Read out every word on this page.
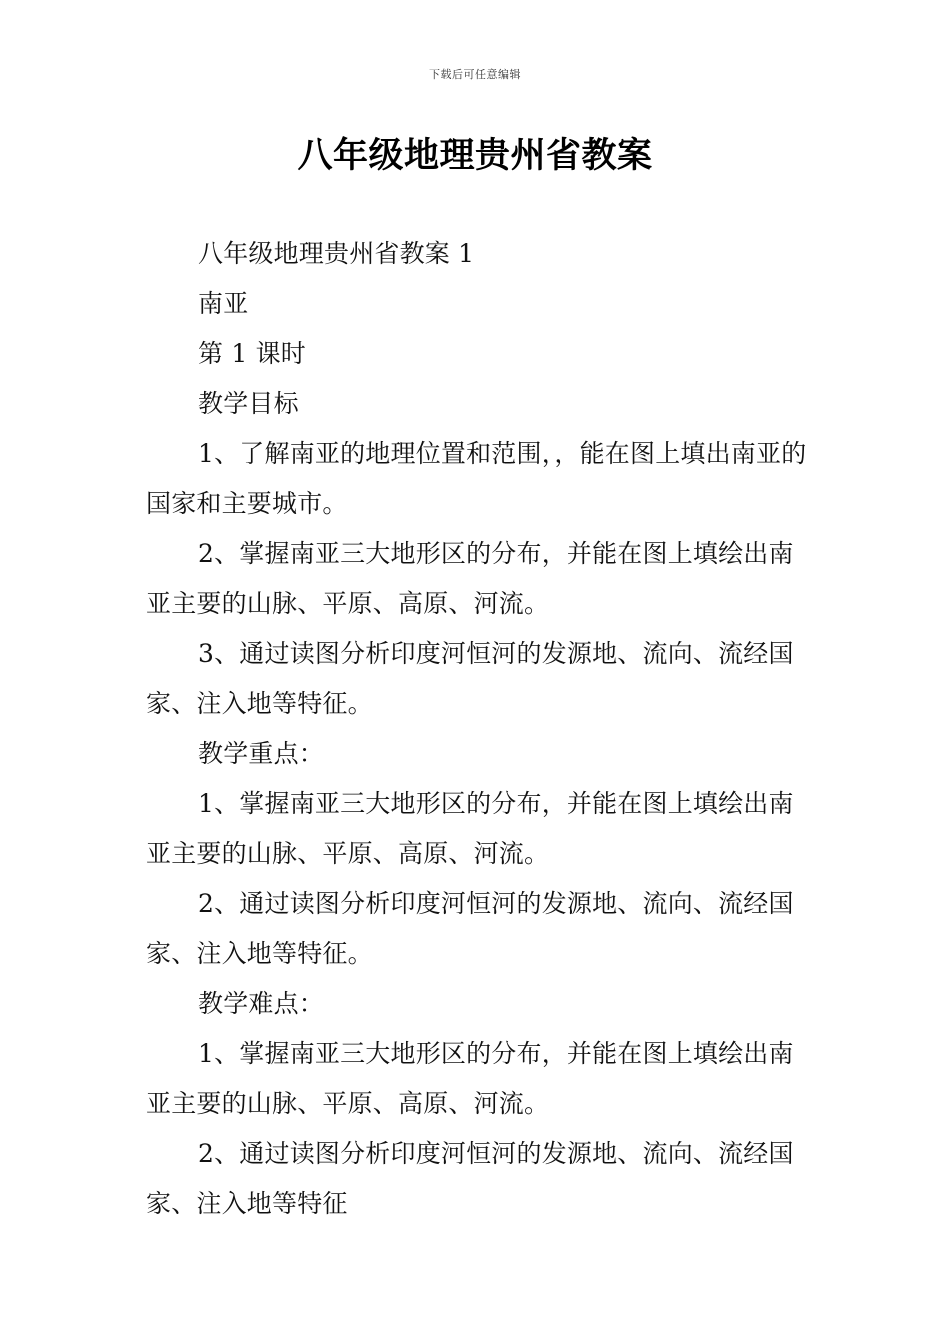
下载后可任意编辑
八年级地理贵州省教案

八年级地理贵州省教案 1

南亚

第 1 课时

教学目标

1、了解南亚的地理位置和范围，，能在图上填出南亚的国家和主要城市。

2、掌握南亚三大地形区的分布，并能在图上填绘出南亚主要的山脉、平原、高原、河流。

3、通过读图分析印度河恒河的发源地、流向、流经国家、注入地等特征。

教学重点：

1、掌握南亚三大地形区的分布，并能在图上填绘出南亚主要的山脉、平原、高原、河流。

2、通过读图分析印度河恒河的发源地、流向、流经国家、注入地等特征。

教学难点：

1、掌握南亚三大地形区的分布，并能在图上填绘出南亚主要的山脉、平原、高原、河流。

2、通过读图分析印度河恒河的发源地、流向、流经国家、注入地等特征
